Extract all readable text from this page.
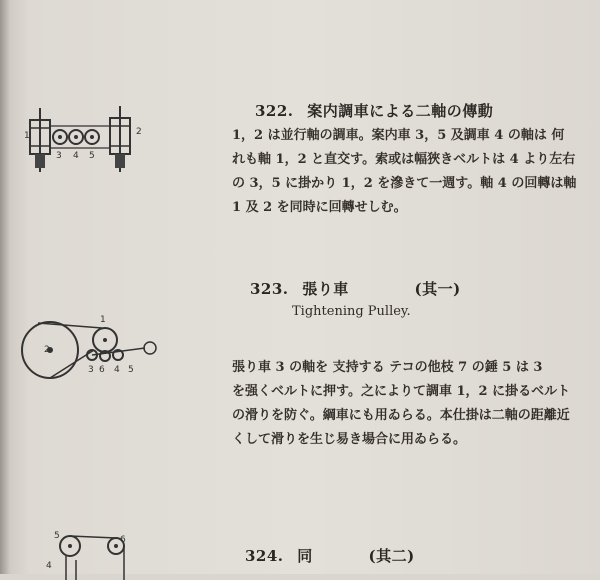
1	2
3 4 5
322. 案内調車による二軸の傳動
1，2 は並行軸の調車。案内車 3，5 及調車 4 の軸は 何
れも軸 1，2 と直交す。索或は幅狹きベルトは 4 より左右
の 3，5 に掛かり 1，2 を滲きて一週す。軸 4 の回轉は軸
1 及 2 を同時に回轉せしむ。
323. 張り車	(其一)
Tightening Pulley.
1
2
3 6 4 5	張り車 3 の軸を 支持する テコの他枝 7 の錘 5 は 3
を强くベルトに押す。之によりて調車 1，2 に掛るベルト
の滑りを防ぐ。綱車にも用ゐらる。本仕掛は二軸の距離近
くして滑りを生じ易き場合に用ゐらる。
5	6
4
324. 同	(其二)
